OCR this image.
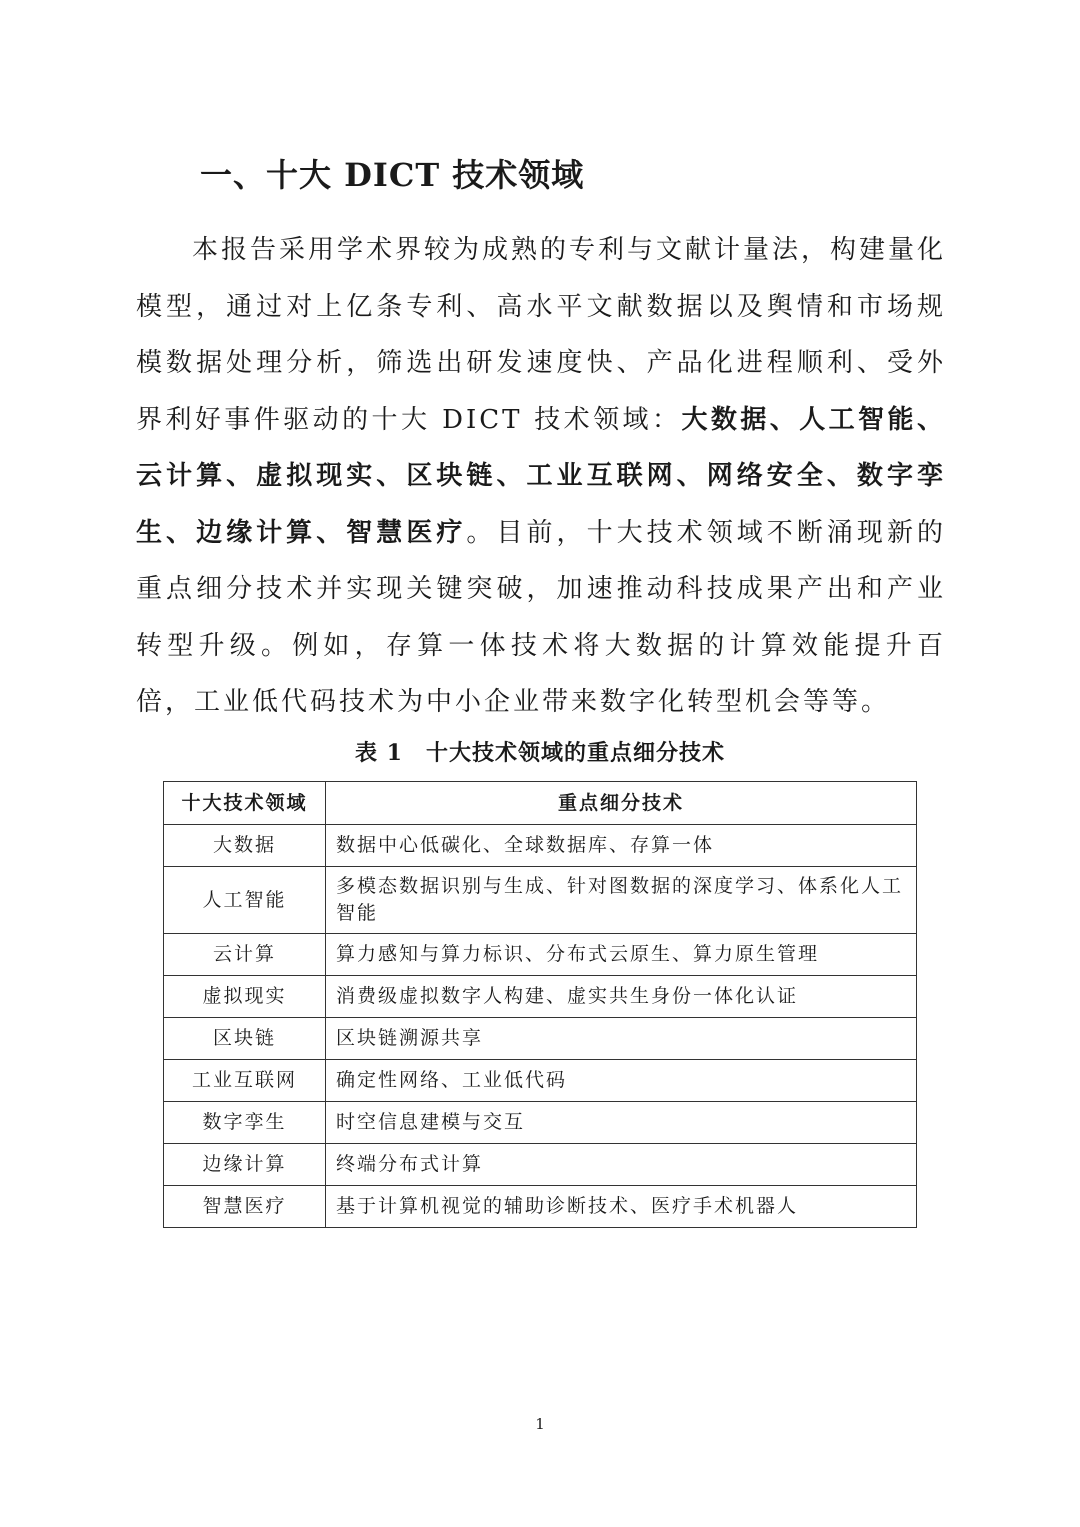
一、十大 DICT 技术领域

本报告采用学术界较为成熟的专利与文献计量法，构建量化模型，通过对上亿条专利、高水平文献数据以及舆情和市场规模数据处理分析，筛选出研发速度快、产品化进程顺利、受外界利好事件驱动的十大 DICT 技术领域：大数据、人工智能、云计算、虚拟现实、区块链、工业互联网、网络安全、数字孪生、边缘计算、智慧医疗。目前，十大技术领域不断涌现新的重点细分技术并实现关键突破，加速推动科技成果产出和产业转型升级。例如，存算一体技术将大数据的计算效能提升百倍，工业低代码技术为中小企业带来数字化转型机会等等。

表 1　十大技术领域的重点细分技术
十大技术领域	重点细分技术
大数据	数据中心低碳化、全球数据库、存算一体
人工智能	多模态数据识别与生成、针对图数据的深度学习、体系化人工智能
云计算	算力感知与算力标识、分布式云原生、算力原生管理
虚拟现实	消费级虚拟数字人构建、虚实共生身份一体化认证
区块链	区块链溯源共享
工业互联网	确定性网络、工业低代码
数字孪生	时空信息建模与交互
边缘计算	终端分布式计算
智慧医疗	基于计算机视觉的辅助诊断技术、医疗手术机器人
1
